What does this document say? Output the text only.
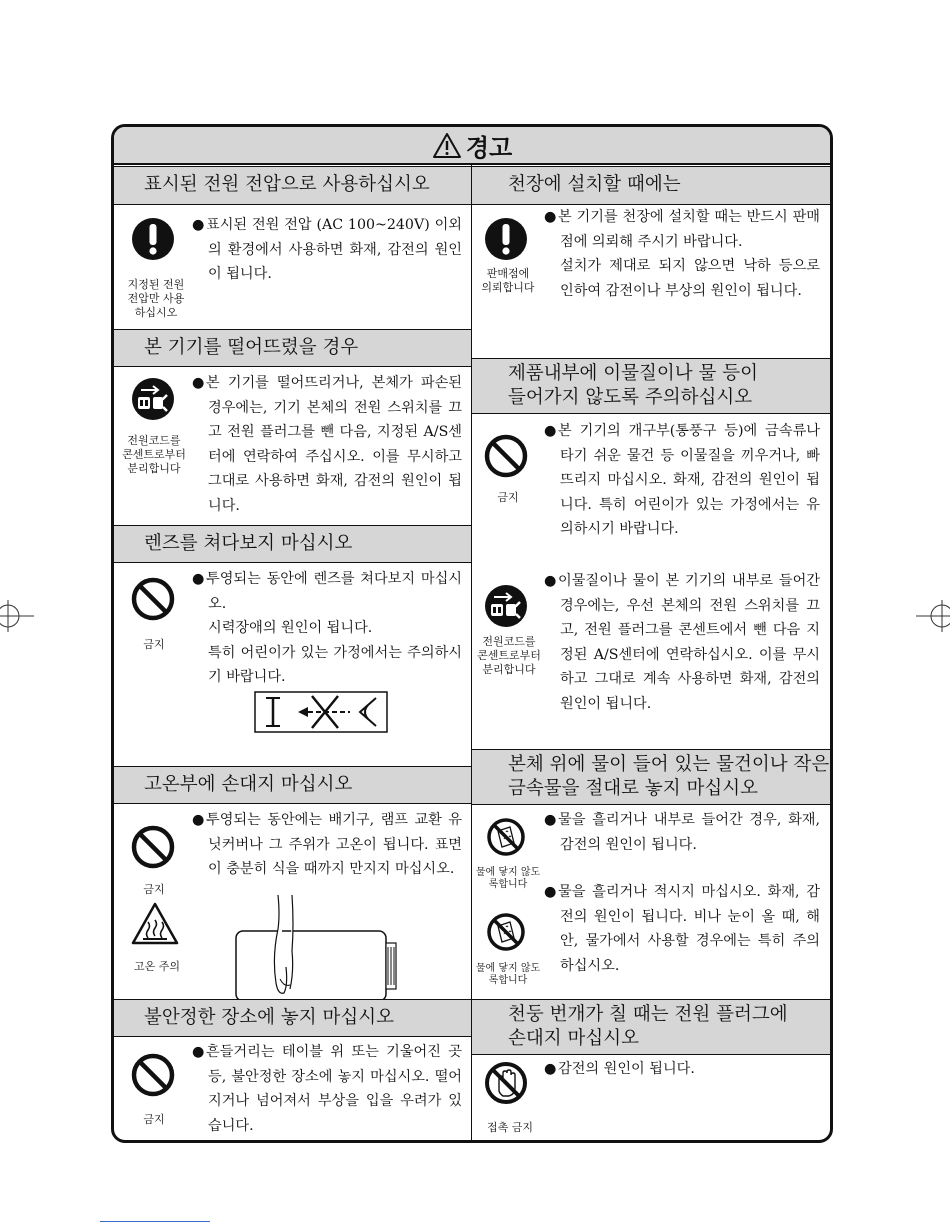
경고
표시된 전원 전압으로 사용하십시오
지정된 전원
전압만 사용
하십시오
● 표시된 전원 전압 (AC 100~240V) 이외의 환경에서 사용하면 화재, 감전의 원인이 됩니다.
본 기기를 떨어뜨렸을 경우
전원코드를
콘센트로부터
분리합니다
● 본 기기를 떨어뜨리거나, 본체가 파손된 경우에는, 기기 본체의 전원 스위치를 끄고 전원 플러그를 뺀 다음, 지정된 A/S센터에 연락하여 주십시오. 이를 무시하고 그대로 사용하면 화재, 감전의 원인이 됩니다.
렌즈를 쳐다보지 마십시오
금지
● 투영되는 동안에 렌즈를 쳐다보지 마십시오.
시력장애의 원인이 됩니다.
특히 어린이가 있는 가정에서는 주의하시기 바랍니다.
고온부에 손대지 마십시오
금지
고온 주의
● 투영되는 동안에는 배기구, 램프 교환 유닛커버나 그 주위가 고온이 됩니다. 표면이 충분히 식을 때까지 만지지 마십시오.
불안정한 장소에 놓지 마십시오
금지
● 흔들거리는 테이블 위 또는 기울어진 곳 등, 불안정한 장소에 놓지 마십시오. 떨어지거나 넘어져서 부상을 입을 우려가 있습니다.
천장에 설치할 때에는
판매점에
의뢰합니다
● 본 기기를 천장에 설치할 때는 반드시 판매점에 의뢰해 주시기 바랍니다.
설치가 제대로 되지 않으면 낙하 등으로 인하여 감전이나 부상의 원인이 됩니다.
제품내부에 이물질이나 물 등이
들어가지 않도록 주의하십시오
금지
● 본 기기의 개구부(통풍구 등)에 금속류나 타기 쉬운 물건 등 이물질을 끼우거나, 빠뜨리지 마십시오. 화재, 감전의 원인이 됩니다. 특히 어린이가 있는 가정에서는 유의하시기 바랍니다.
전원코드를
콘센트로부터
분리합니다
● 이물질이나 물이 본 기기의 내부로 들어간 경우에는, 우선 본체의 전원 스위치를 끄고, 전원 플러그를 콘센트에서 뺀 다음 지정된 A/S센터에 연락하십시오. 이를 무시하고 그대로 계속 사용하면 화재, 감전의 원인이 됩니다.
본체 위에 물이 들어 있는 물건이나 작은
금속물을 절대로 놓지 마십시오
물에 닿지 않도
록합니다
물에 닿지 않도
록합니다
● 물을 흘리거나 내부로 들어간 경우, 화재, 감전의 원인이 됩니다.
● 물을 흘리거나 적시지 마십시오. 화재, 감전의 원인이 됩니다. 비나 눈이 올 때, 해안, 물가에서 사용할 경우에는 특히 주의하십시오.
천둥 번개가 칠 때는 전원 플러그에
손대지 마십시오
접촉 금지
● 감전의 원인이 됩니다.
